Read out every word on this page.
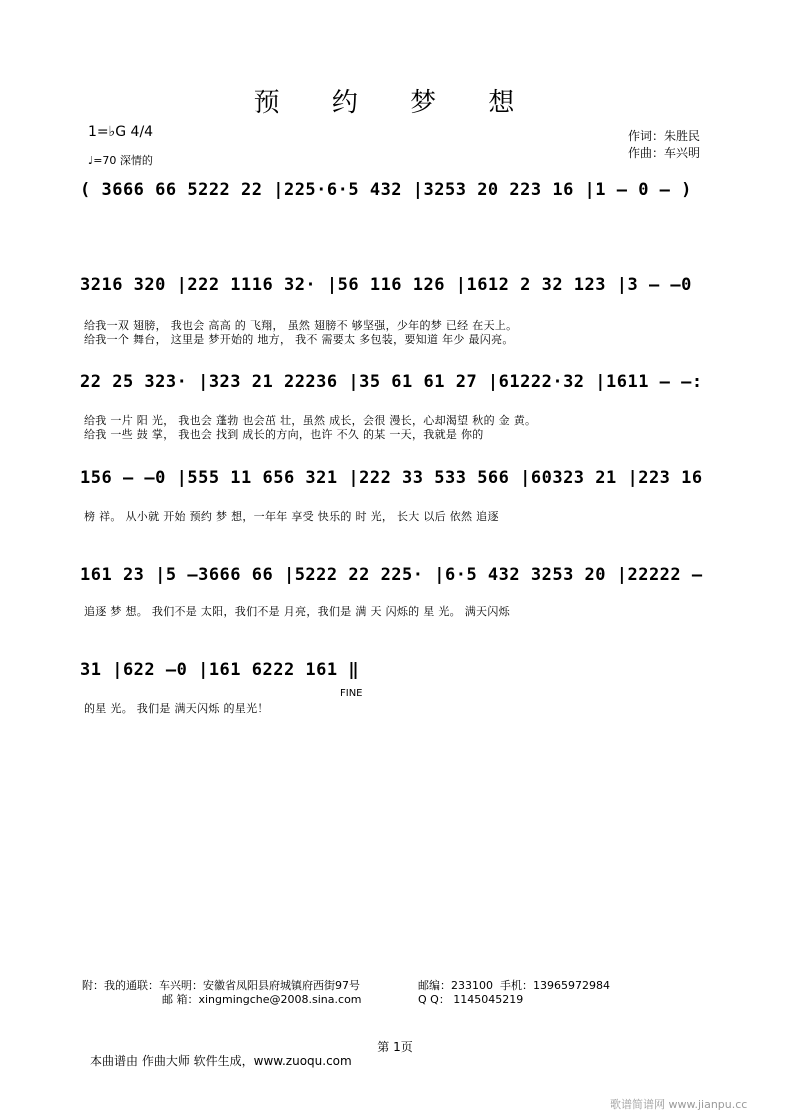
预 约 梦 想
1=♭G 4/4
♩=70 深情的
作词：朱胜民
作曲：车兴明
( 3666 66 5222 22 |225·6·5 432 |3253 20 223 16 |1 – 0 – )
3216 320 |222 1116 32· |56 116 126 |1612 2 32 123 |3 – –0
给我一双 翅膀， 我也会 高高 的 飞翔， 虽然 翅膀不 够坚强，少年的梦 已经 在天上。
给我一个 舞台， 这里是 梦开始的 地方， 我不 需要太 多包装，要知道 年少 最闪亮。
22 25 323· |323 21 22236 |35 61 61 27 |61222·32 |1611 – –:
给我 一片 阳 光， 我也会 蓬勃 也会茁 壮，虽然 成长，会很 漫长，心却渴望 秋的 金 黄。
给我 一些 鼓 掌， 我也会 找到 成长的方向，也许 不久 的某 一天，我就是 你的
156 – –0 |555 11 656 321 |222 33 533 566 |60323 21 |223 16
榜 祥。 从小就 开始 预约 梦 想，一年年 享受 快乐的 时 光， 长大 以后 依然 追逐
161 23 |5 –3666 66 |5222 22 225· |6·5 432 3253 20 |22222 –
追逐 梦 想。 我们不是 太阳，我们不是 月亮，我们是 满 天 闪烁的 星 光。 满天闪烁
31 |622 –0 |161 6222 161 ‖
的星 光。 我们是 满天闪烁 的星光！
FINE
附：我的通联：车兴明：安徽省凤阳县府城镇府西街97号	邮编：233100 手机：13965972984
邮 箱：xingmingche@2008.sina.com	Q Q： 1145045219
第 1页
本曲谱由 作曲大师 软件生成，www.zuoqu.com
歌谱简谱网 www.jianpu.cc
